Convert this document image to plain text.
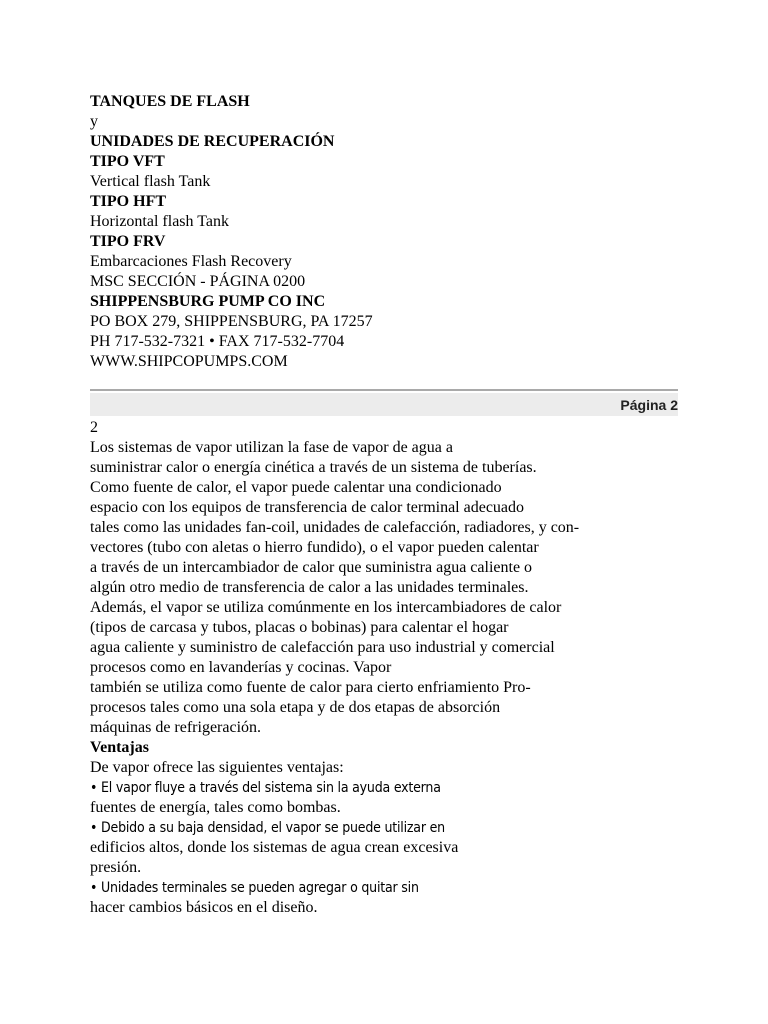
TANQUES DE FLASH
y
UNIDADES DE RECUPERACIÓN
TIPO VFT
Vertical flash Tank
TIPO HFT
Horizontal flash Tank
TIPO FRV
Embarcaciones Flash Recovery
MSC SECCIÓN - PÁGINA 0200
SHIPPENSBURG PUMP CO INC
PO BOX 279, SHIPPENSBURG, PA 17257
PH 717-532-7321 • FAX 717-532-7704
WWW.SHIPCOPUMPS.COM
Página 2
2
Los sistemas de vapor utilizan la fase de vapor de agua a
suministrar calor o energía cinética a través de un sistema de tuberías.
Como fuente de calor, el vapor puede calentar una condicionado
espacio con los equipos de transferencia de calor terminal adecuado
tales como las unidades fan-coil, unidades de calefacción, radiadores, y con-
vectores (tubo con aletas o hierro fundido), o el vapor pueden calentar
a través de un intercambiador de calor que suministra agua caliente o
algún otro medio de transferencia de calor a las unidades terminales.
Además, el vapor se utiliza comúnmente en los intercambiadores de calor
(tipos de carcasa y tubos, placas o bobinas) para calentar el hogar
agua caliente y suministro de calefacción para uso industrial y comercial
procesos como en lavanderías y cocinas. Vapor
también se utiliza como fuente de calor para cierto enfriamiento Pro-
procesos tales como una sola etapa y de dos etapas de absorción
máquinas de refrigeración.
Ventajas
De vapor ofrece las siguientes ventajas:
• El vapor fluye a través del sistema sin la ayuda externa
fuentes de energía, tales como bombas.
• Debido a su baja densidad, el vapor se puede utilizar en
edificios altos, donde los sistemas de agua crean excesiva
presión.
• Unidades terminales se pueden agregar o quitar sin
hacer cambios básicos en el diseño.
